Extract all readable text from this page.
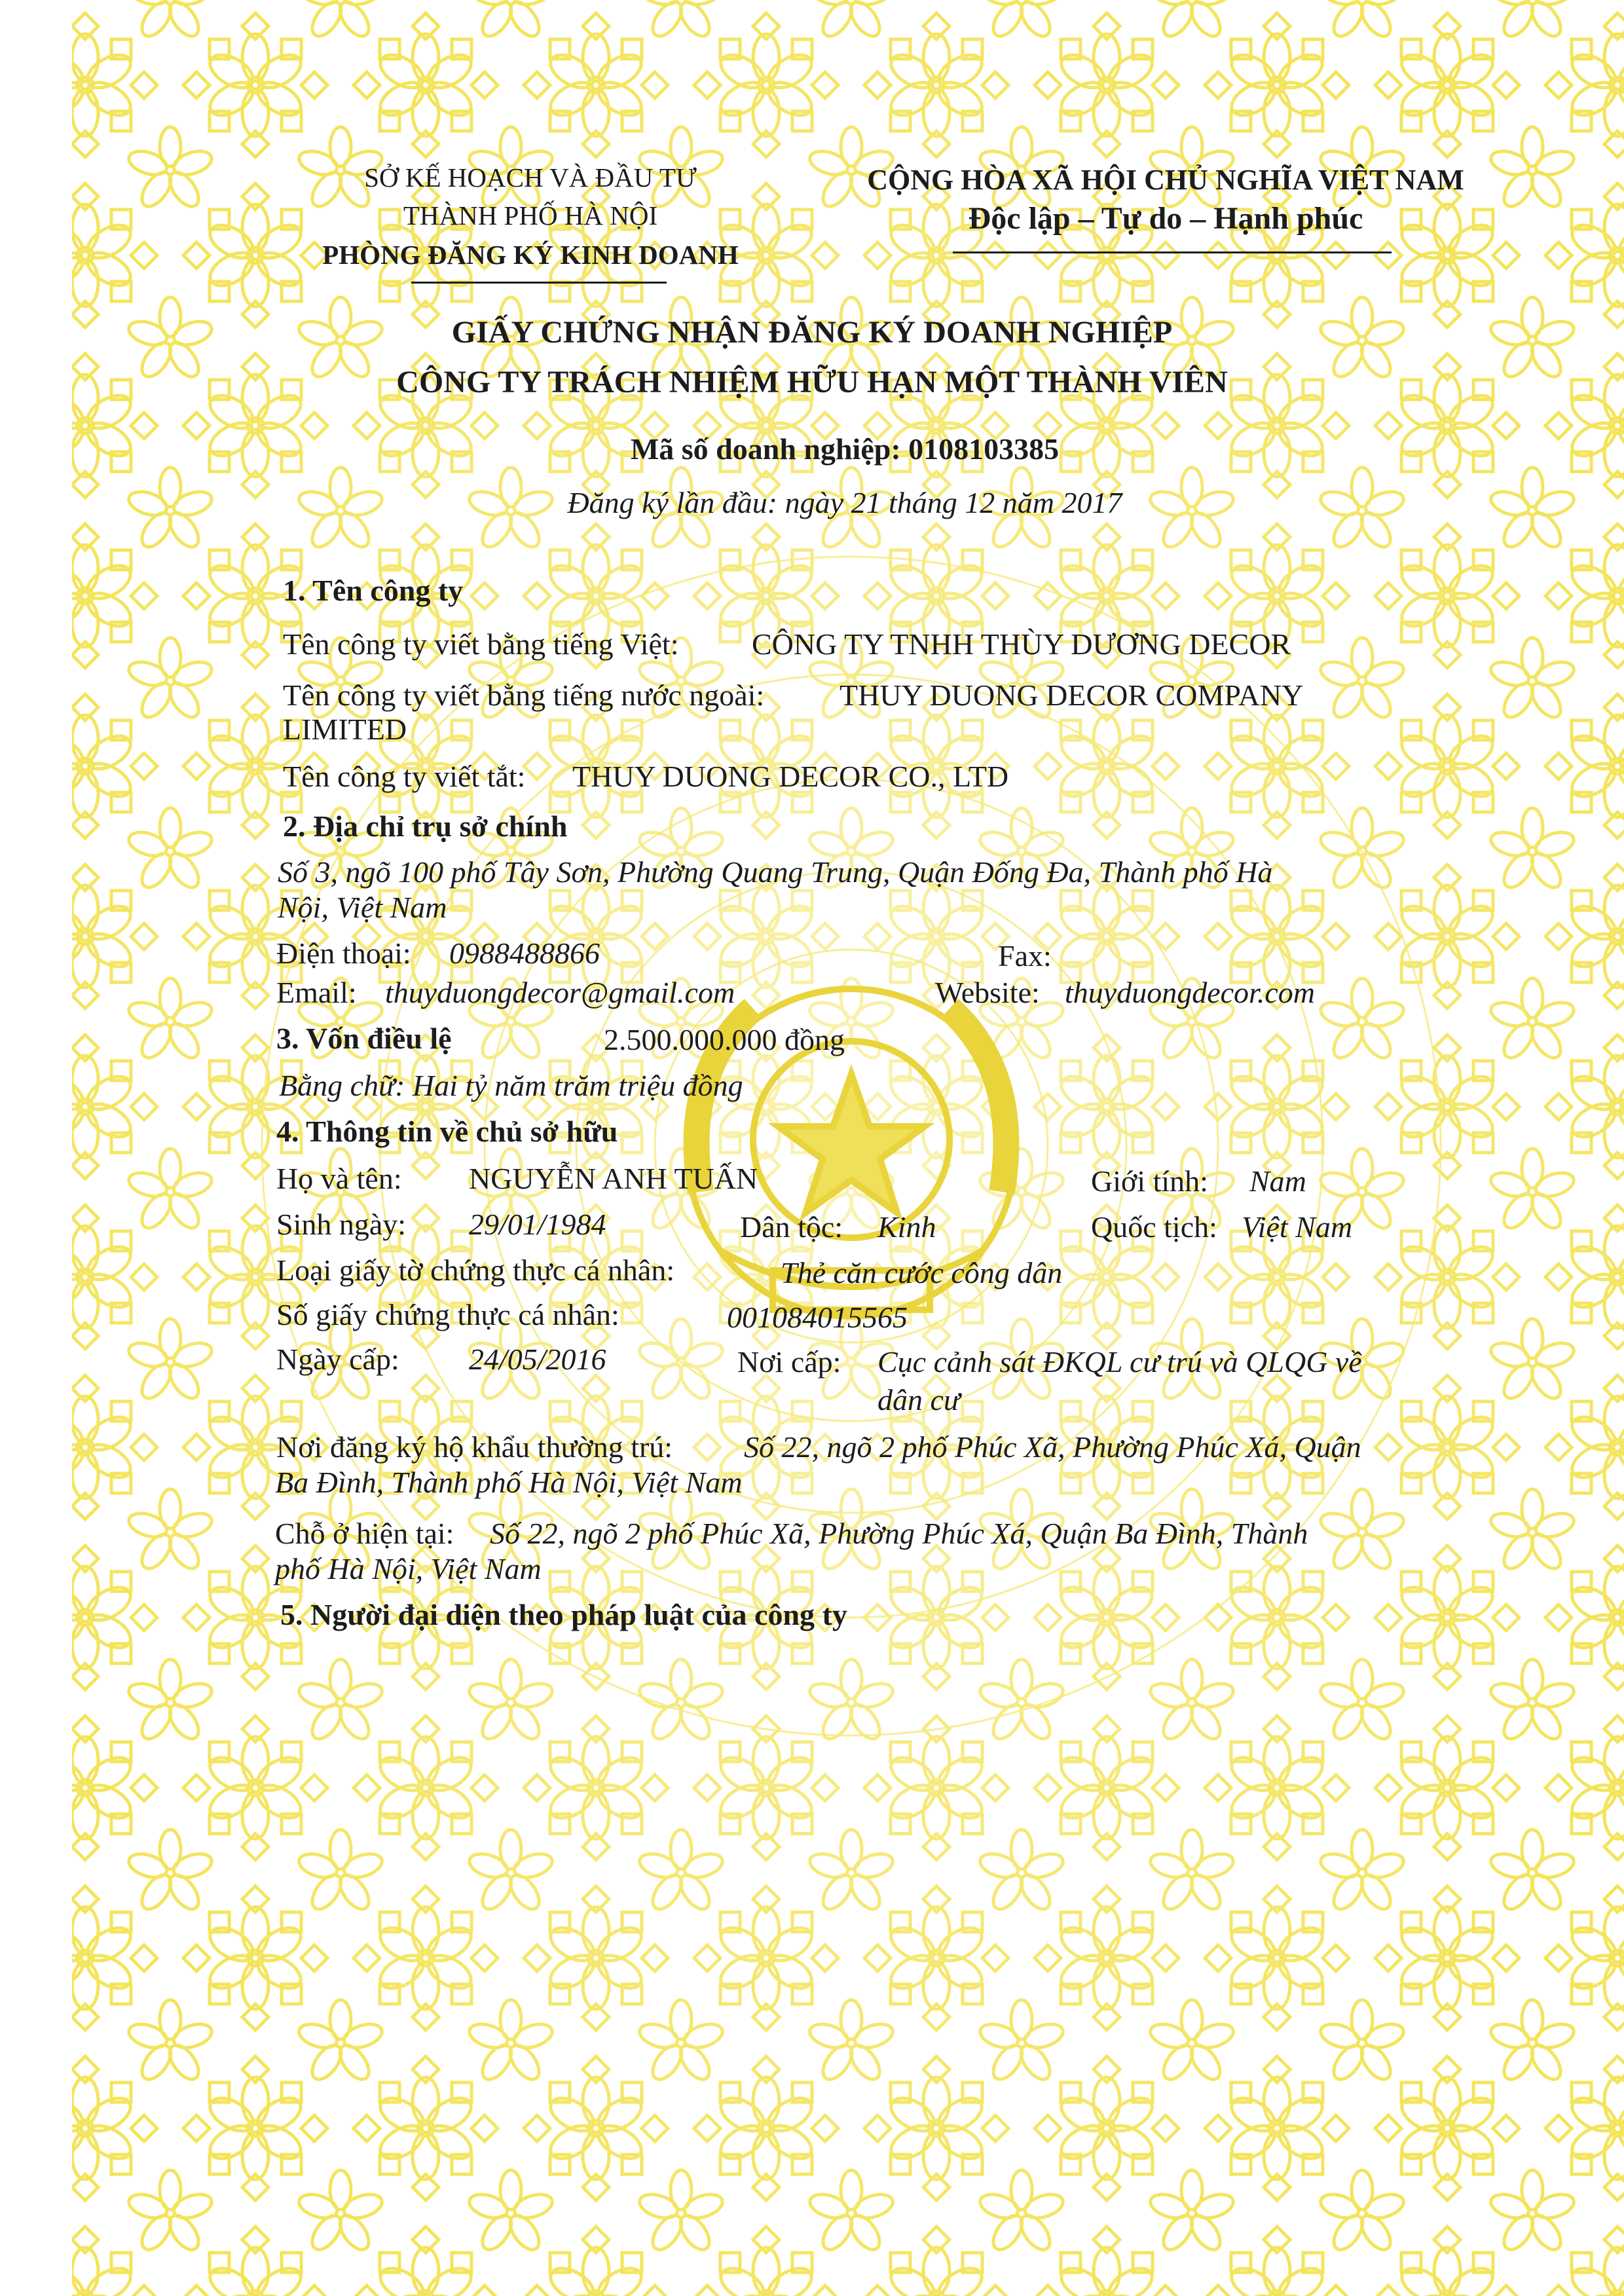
SỞ KẾ HOẠCH VÀ ĐẦU TƯ
THÀNH PHỐ HÀ NỘI
PHÒNG ĐĂNG KÝ KINH DOANH
CỘNG HÒA XÃ HỘI CHỦ NGHĨA VIỆT NAM
Độc lập – Tự do – Hạnh phúc
GIẤY CHỨNG NHẬN ĐĂNG KÝ DOANH NGHIỆP
CÔNG TY TRÁCH NHIỆM HỮU HẠN MỘT THÀNH VIÊN
Mã số doanh nghiệp: 0108103385
Đăng ký lần đầu: ngày 21 tháng 12 năm 2017
1. Tên công ty
Tên công ty viết bằng tiếng Việt: CÔNG TY TNHH THÙY DƯƠNG DECOR
Tên công ty viết bằng tiếng nước ngoài: THUY DUONG DECOR COMPANY
LIMITED
Tên công ty viết tắt: THUY DUONG DECOR CO., LTD
2. Địa chỉ trụ sở chính
Số 3, ngõ 100 phố Tây Sơn, Phường Quang Trung, Quận Đống Đa, Thành phố Hà
Nội, Việt Nam
Điện thoại: 0988488866	Fax:
Email: thuyduongdecor@gmail.com	Website: thuyduongdecor.com
3. Vốn điều lệ	2.500.000.000 đồng
Bằng chữ: Hai tỷ năm trăm triệu đồng
4. Thông tin về chủ sở hữu
Họ và tên: NGUYỄN ANH TUẤN	Giới tính: Nam
Sinh ngày: 29/01/1984	Dân tộc: Kinh	Quốc tịch: Việt Nam
Loại giấy tờ chứng thực cá nhân:	Thẻ căn cước công dân
Số giấy chứng thực cá nhân:	001084015565
Ngày cấp: 24/05/2016	Nơi cấp: Cục cảnh sát ĐKQL cư trú và QLQG về
dân cư
Nơi đăng ký hộ khẩu thường trú: Số 22, ngõ 2 phố Phúc Xã, Phường Phúc Xá, Quận
Ba Đình, Thành phố Hà Nội, Việt Nam
Chỗ ở hiện tại: Số 22, ngõ 2 phố Phúc Xã, Phường Phúc Xá, Quận Ba Đình, Thành
phố Hà Nội, Việt Nam
5. Người đại diện theo pháp luật của công ty
